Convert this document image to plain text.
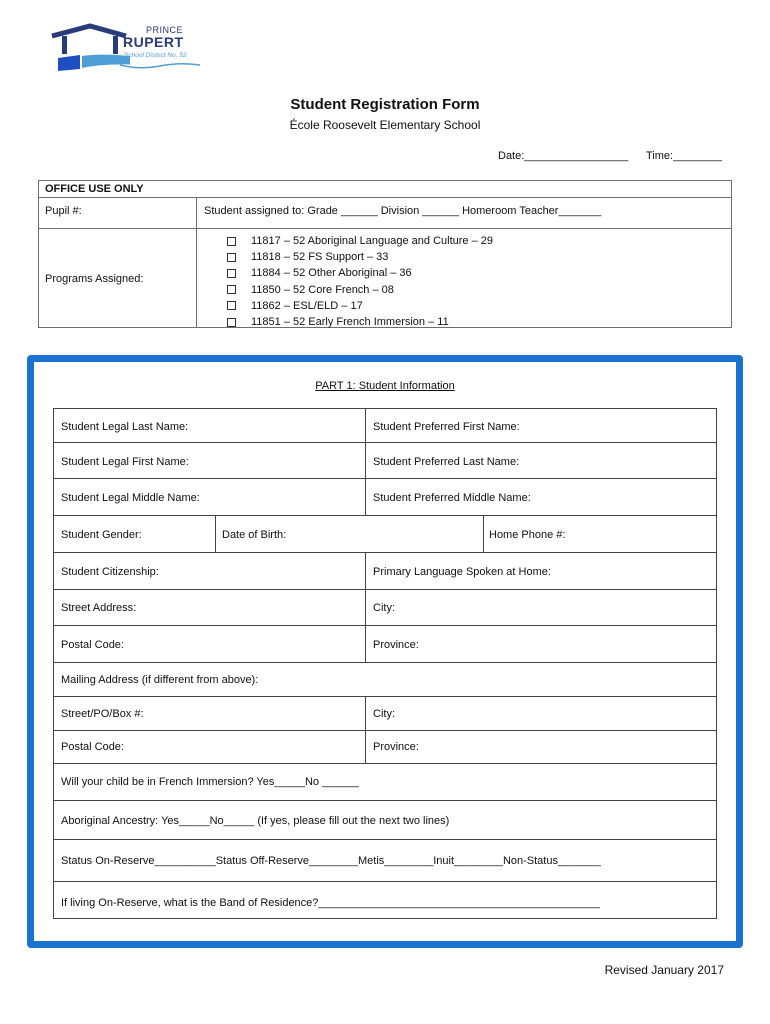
PRINCE
RUPERT
School District No. 52
Student Registration Form
École Roosevelt Elementary School
Date:_________________ Time:________
OFFICE USE ONLY
Pupil #:	Student assigned to: Grade ______ Division ______ Homeroom Teacher_______
Programs Assigned:
11817 – 52 Aboriginal Language and Culture – 29
11818 – 52 FS Support – 33
11884 – 52 Other Aboriginal – 36
11850 – 52 Core French – 08
11862 – ESL/ELD – 17
11851 – 52 Early French Immersion – 11
PART 1: Student Information
Student Legal Last Name:	Student Preferred First Name:
Student Legal First Name:	Student Preferred Last Name:
Student Legal Middle Name:	Student Preferred Middle Name:
Student Gender:	Date of Birth:	Home Phone #:
Student Citizenship:	Primary Language Spoken at Home:
Street Address:	City:
Postal Code:	Province:
Mailing Address (if different from above):
Street/PO/Box #:	City:
Postal Code:	Province:
Will your child be in French Immersion? Yes_____No ______
Aboriginal Ancestry: Yes_____No_____ (If yes, please fill out the next two lines)
Status On-Reserve__________Status Off-Reserve________Metis________Inuit________Non-Status_______
If living On-Reserve, what is the Band of Residence?______________________________________________
Revised January 2017
